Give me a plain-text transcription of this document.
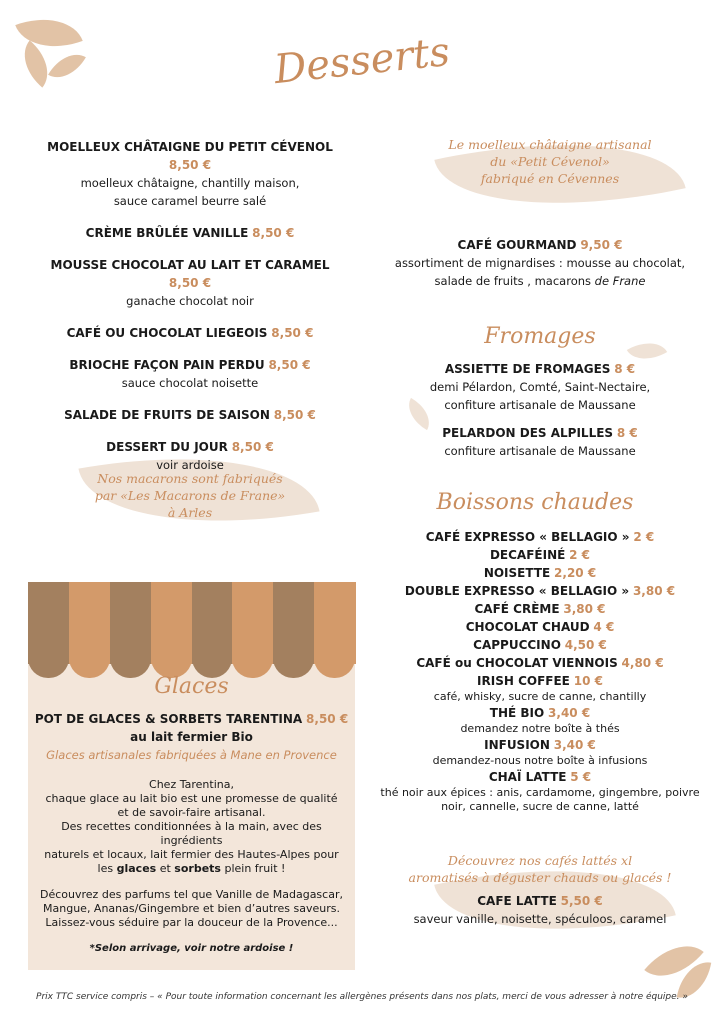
Desserts
MOELLEUX CHÂTAIGNE DU PETIT CÉVENOL 8,50 €
moelleux châtaigne, chantilly maison,
sauce caramel beurre salé
CRÈME BRÛLÉE VANILLE 8,50 €
MOUSSE CHOCOLAT AU LAIT ET CARAMEL 8,50 €
ganache chocolat noir
CAFÉ OU CHOCOLAT LIEGEOIS 8,50 €
BRIOCHE FAÇON PAIN PERDU 8,50 €
sauce chocolat noisette
SALADE DE FRUITS DE SAISON 8,50 €
DESSERT DU JOUR 8,50 €
voir ardoise
Le moelleux châtaigne artisanal
du «Petit Cévenol»
fabriqué en Cévennes
CAFÉ GOURMAND 9,50 €
assortiment de mignardises : mousse au chocolat,
salade de fruits , macarons de Frane
Fromages
ASSIETTE DE FROMAGES 8 €
demi Pélardon, Comté, Saint-Nectaire,
confiture artisanale de Maussane
PELARDON DES ALPILLES 8 €
confiture artisanale de Maussane
Boissons chaudes
CAFÉ EXPRESSO « BELLAGIO » 2 €
DECAFÉINÉ 2 €
NOISETTE 2,20 €
DOUBLE EXPRESSO « BELLAGIO » 3,80 €
CAFÉ CRÈME 3,80 €
CHOCOLAT CHAUD 4 €
CAPPUCCINO 4,50 €
CAFÉ ou CHOCOLAT VIENNOIS 4,80 €
IRISH COFFEE 10 €
café, whisky, sucre de canne, chantilly
THÉ BIO 3,40 €
demandez notre boîte à thés
INFUSION 3,40 €
demandez-nous notre boîte à infusions
CHAÏ LATTE 5 €
thé noir aux épices : anis, cardamome, gingembre, poivre noir, cannelle, sucre de canne, latté
Découvrez nos cafés lattés xl
aromatisés à déguster chauds ou glacés !
CAFE LATTE 5,50 €
saveur vanille, noisette, spéculoos, caramel
Nos macarons sont fabriqués
par «Les Macarons de Frane»
à Arles
Glaces
POT DE GLACES & SORBETS TARENTINA 8,50 €
au lait fermier Bio
Glaces artisanales fabriquées à Mane en Provence
Chez Tarentina,
chaque glace au lait bio est une promesse de qualité
et de savoir-faire artisanal.
Des recettes conditionnées à la main, avec des ingrédients
naturels et locaux, lait fermier des Hautes-Alpes pour
les glaces et sorbets plein fruit !
Découvrez des parfums tel que Vanille de Madagascar,
Mangue, Ananas/Gingembre et bien d’autres saveurs.
Laissez-vous séduire par la douceur de la Provence...
*Selon arrivage, voir notre ardoise !
Prix TTC service compris – « Pour toute information concernant les allergènes présents dans nos plats, merci de vous adresser à notre équipe. »
